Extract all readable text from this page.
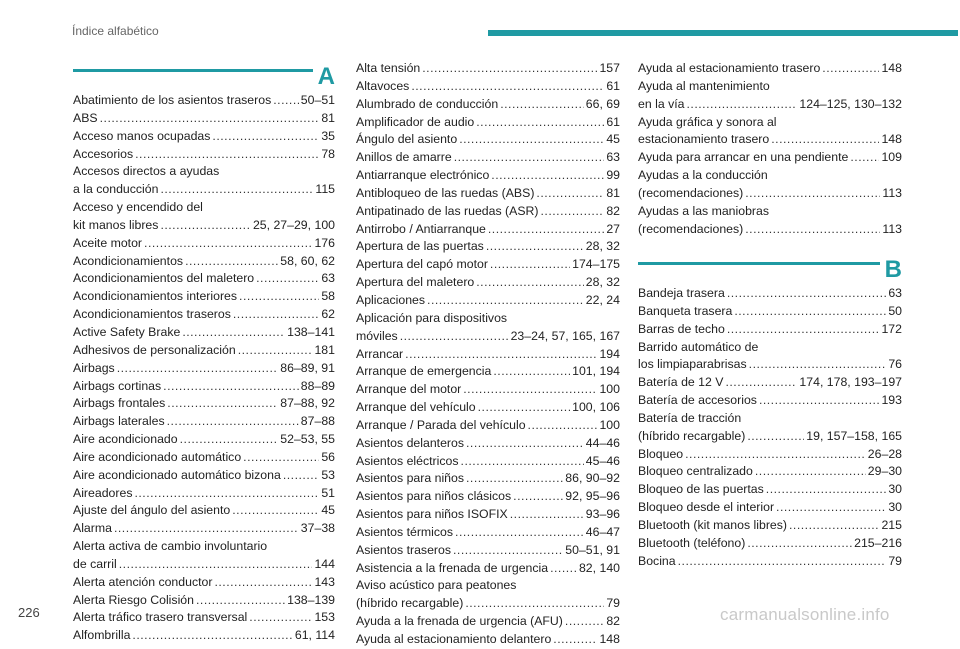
Índice alfabético
A
Abatimiento de los asientos traseros ..... 50–51
ABS .....	81
Acceso manos ocupadas .....	35
Accesorios .....	78
Accesos directos a ayudas
a la conducción .....	115
Acceso y encendido del
kit manos libres .....	25, 27–29, 100
Aceite motor .....	176
Acondicionamientos .....	58, 60, 62
Acondicionamientos del maletero .....	63
Acondicionamientos interiores .....	58
Acondicionamientos traseros .....	62
Active Safety Brake .....	138–141
Adhesivos de personalización .....	181
Airbags .....	86–89, 91
Airbags cortinas .....	88–89
Airbags frontales .....	87–88, 92
Airbags laterales .....	87–88
Aire acondicionado .....	52–53, 55
Aire acondicionado automático .....	56
Aire acondicionado automático bizona .....	53
Aireadores .....	51
Ajuste del ángulo del asiento .....	45
Alarma .....	37–38
Alerta activa de cambio involuntario
de carril .....	144
Alerta atención conductor .....	143
Alerta Riesgo Colisión .....	138–139
Alerta tráfico trasero transversal .....	153
Alfombrilla .....	61, 114
Alta tensión .....	157
Altavoces .....	61
Alumbrado de conducción .....	66, 69
Amplificador de audio .....	61
Ángulo del asiento .....	45
Anillos de amarre .....	63
Antiarranque electrónico .....	99
Antibloqueo de las ruedas (ABS) .....	81
Antipatinado de las ruedas (ASR) .....	82
Antirrobo / Antiarranque .....	27
Apertura de las puertas .....	28, 32
Apertura del capó motor .....	174–175
Apertura del maletero .....	28, 32
Aplicaciones .....	22, 24
Aplicación para dispositivos
móviles .....	23–24, 57, 165, 167
Arrancar .....	194
Arranque de emergencia .....	101, 194
Arranque del motor .....	100
Arranque del vehículo .....	100, 106
Arranque / Parada del vehículo .....	100
Asientos delanteros .....	44–46
Asientos eléctricos .....	45–46
Asientos para niños .....	86, 90–92
Asientos para niños clásicos .....	92, 95–96
Asientos para niños ISOFIX .....	93–96
Asientos térmicos .....	46–47
Asientos traseros .....	50–51, 91
Asistencia a la frenada de urgencia .....	82, 140
Aviso acústico para peatones
(híbrido recargable) .....	79
Ayuda a la frenada de urgencia (AFU) .....	82
Ayuda al estacionamiento delantero .....	148
Ayuda al estacionamiento trasero .....	148
Ayuda al mantenimiento
en la vía .....	124–125, 130–132
Ayuda gráfica y sonora al
estacionamiento trasero .....	148
Ayuda para arrancar en una pendiente .....	109
Ayudas a la conducción
(recomendaciones) .....	113
Ayudas a las maniobras
(recomendaciones) .....	113
B
Bandeja trasera .....	63
Banqueta trasera .....	50
Barras de techo .....	172
Barrido automático de
los limpiaparabrisas .....	76
Batería de 12 V .....	174, 178, 193–197
Batería de accesorios .....	193
Batería de tracción
(híbrido recargable) .....	19, 157–158, 165
Bloqueo .....	26–28
Bloqueo centralizado .....	29–30
Bloqueo de las puertas .....	30
Bloqueo desde el interior .....	30
Bluetooth (kit manos libres) .....	215
Bluetooth (teléfono) .....	215–216
Bocina .....	79
226	carmanualsonline.info
